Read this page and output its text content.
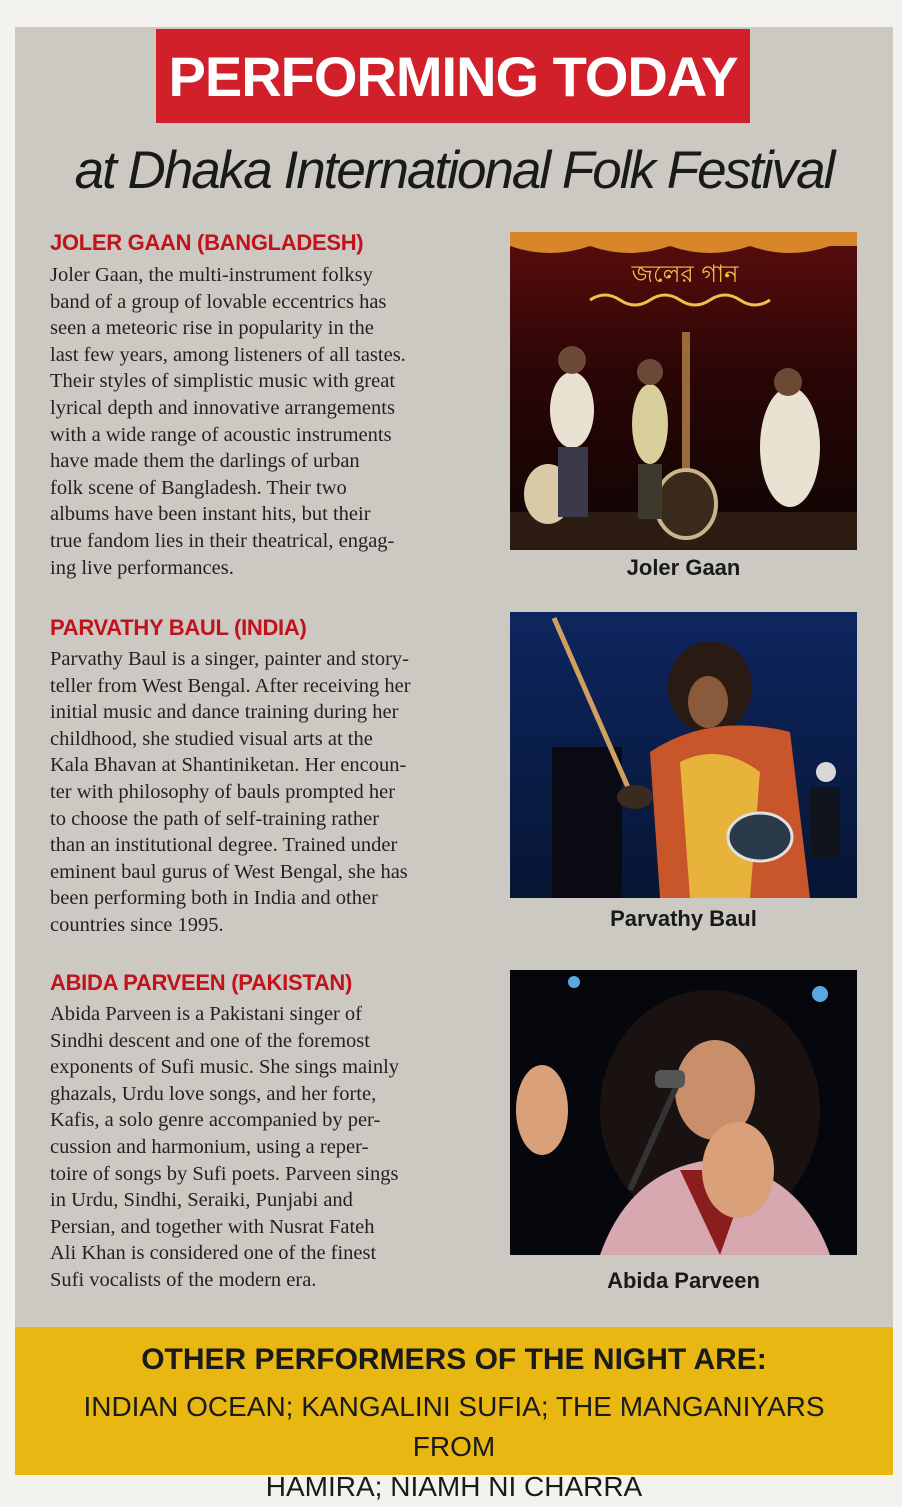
PERFORMING TODAY
at Dhaka International Folk Festival
JOLER GAAN (BANGLADESH)
Joler Gaan, the multi-instrument folksy
band of a group of lovable eccentrics has
seen a meteoric rise in popularity in the
last few years, among listeners of all tastes.
Their styles of simplistic music with great
lyrical depth and innovative arrangements
with a wide range of acoustic instruments
have made them the darlings of urban
folk scene of Bangladesh. Their two
albums have been instant hits, but their
true fandom lies in their theatrical, engag-
ing live performances.
জলের গান
Joler Gaan
PARVATHY BAUL (INDIA)
Parvathy Baul is a singer, painter and story-
teller from West Bengal. After receiving her
initial music and dance training during her
childhood, she studied visual arts at the
Kala Bhavan at Shantiniketan. Her encoun-
ter with philosophy of bauls prompted her
to choose the path of self-training rather
than an institutional degree. Trained under
eminent baul gurus of West Bengal, she has
been performing both in India and other
countries since 1995.	Parvathy Baul
ABIDA PARVEEN (PAKISTAN)
Abida Parveen is a Pakistani singer of
Sindhi descent and one of the foremost
exponents of Sufi music. She sings mainly
ghazals, Urdu love songs, and her forte,
Kafis, a solo genre accompanied by per-
cussion and harmonium, using a reper-
toire of songs by Sufi poets. Parveen sings
in Urdu, Sindhi, Seraiki, Punjabi and
Persian, and together with Nusrat Fateh
Ali Khan is considered one of the finest
Sufi vocalists of the modern era.	Abida Parveen
OTHER PERFORMERS OF THE NIGHT ARE:
INDIAN OCEAN; KANGALINI SUFIA; THE MANGANIYARS FROM
HAMIRA; NIAMH NI CHARRA
